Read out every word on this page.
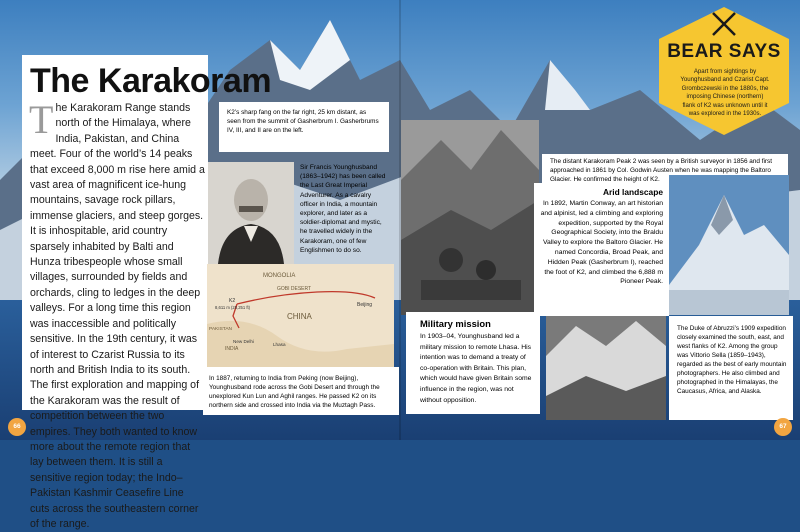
The Karakoram

The Karakoram Range stands north of the Himalaya, where India, Pakistan, and China meet. Four of the world’s 14 peaks that exceed 8,000 m rise here amid a vast area of magnificent ice-hung mountains, savage rock pillars, immense glaciers, and steep gorges. It is inhospitable, arid country sparsely inhabited by Balti and Hunza tribespeople whose small villages, surrounded by fields and orchards, cling to ledges in the deep valleys. For a long time this region was inaccessible and politically sensitive. In the 19th century, it was of interest to Czarist Russia to its north and British India to its south. The first exploration and mapping of the Karakoram was the result of competition between the two empires. They both wanted to know more about the remote region that lay between them. It is still a sensitive region today; the Indo–Pakistan Kashmir Ceasefire Line cuts across the southeastern corner of the range.

K2’s sharp fang on the far right, 25 km distant, as seen from the summit of Gasherbrum I. Gasherbrums IV, III, and II are on the left.
Sir Francis Younghusband (1863–1942) has been called the Last Great Imperial Adventurer. As a cavalry officer in India, a mountain explorer, and later as a soldier-diplomat and mystic, he travelled widely in the Karakoram, one of few Englishmen to do so.
MONGOLIA
GOBI DESERT
Beijing
K2
8,611 m (28,251 ft)
CHINA
PAKISTAN
INDIA
New Delhi
Lhasa
In 1887, returning to India from Peking (now Beijing), Younghusband rode across the Gobi Desert and through the unexplored Kun Lun and Aghil ranges. He passed K2 on its northern side and crossed into India via the Muztagh Pass.
Military mission

In 1903–04, Younghusband led a military mission to remote Lhasa. His intention was to demand a treaty of co-operation with Britain. This plan, which would have given Britain some influence in the region, was not without opposition.

The distant Karakoram Peak 2 was seen by a British surveyor in 1856 and first approached in 1861 by Col. Godwin Austen when he was mapping the Baltoro Glacier. He confirmed the height of K2.
Arid landscape

In 1892, Martin Conway, an art historian and alpinist, led a climbing and exploring expedition, supported by the Royal Geographical Society, into the Braldu Valley to explore the Baltoro Glacier. He named Concordia, Broad Peak, and Hidden Peak (Gasherbrum I), reached the foot of K2, and climbed the 6,888 m Pioneer Peak.

The Duke of Abruzzi’s 1909 expedition closely examined the south, east, and west flanks of K2. Among the group was Vittorio Sella (1859–1943), regarded as the best of early mountain photographers. He also climbed and photographed in the Himalayas, the Caucasus, Africa, and Alaska.
BEAR SAYS
Apart from sightings by Younghusband and Czarist Capt. Grombczewski in the 1880s, the imposing Chinese (northern) flank of K2 was unknown until it was explored in the 1930s.
66	67
